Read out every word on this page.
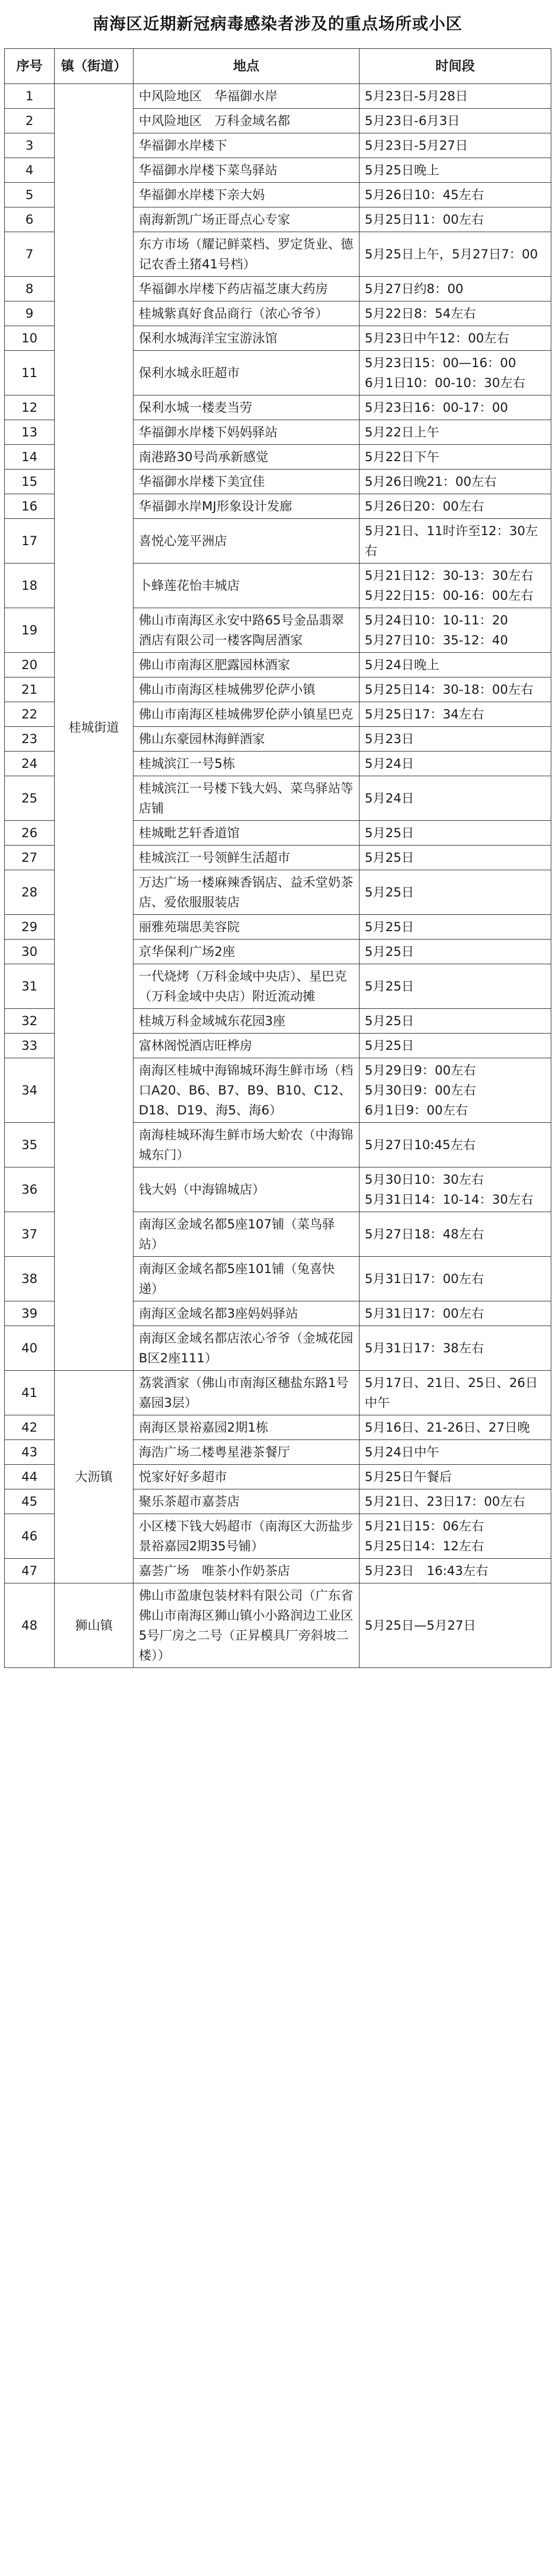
南海区近期新冠病毒感染者涉及的重点场所或小区
序号	镇（街道）	地点	时间段
1	桂城街道	中风险地区　华福御水岸	5月23日-5月28日
2		中风险地区　万科金域名都	5月23日-6月3日
3		华福御水岸楼下	5月23日-5月27日
4		华福御水岸楼下菜鸟驿站	5月25日晚上
5		华福御水岸楼下亲大妈	5月26日10：45左右
6		南海新凯广场正哥点心专家	5月25日11：00左右
7		东方市场（耀记鲜菜档、罗定货业、德记农香土猪41号档）	5月25日上午，5月27日7：00
8		华福御水岸楼下药店福芝康大药房	5月27日约8：00
9		桂城紫真好食品商行（浓心爷爷）	5月22日8：54左右
10		保利水城海洋宝宝游泳馆	5月23日中午12：00左右
11		保利水城永旺超市	5月23日15：00—16：00
6月1日10：00-10：30左右
12		保利水城一楼麦当劳	5月23日16：00-17：00
13		华福御水岸楼下妈妈驿站	5月22日上午
14		南港路30号尚承新感觉	5月22日下午
15		华福御水岸楼下美宜佳	5月26日晚21：00左右
16		华福御水岸MJ形象设计发廊	5月26日20：00左右
17		喜悦心笼平洲店	5月21日、11时许至12：30左右
18		卜蜂莲花怡丰城店	5月21日12：30-13：30左右
5月22日15：00-16：00左右
19		佛山市南海区永安中路65号金品翡翠酒店有限公司一楼客陶居酒家	5月24日10：10-11：20
5月27日10：35-12：40
20		佛山市南海区肥露园林酒家	5月24日晚上
21		佛山市南海区桂城佛罗伦萨小镇	5月25日14：30-18：00左右
22		佛山市南海区桂城佛罗伦萨小镇星巴克	5月25日17：34左右
23		佛山东豪园林海鲜酒家	5月23日
24		桂城滨江一号5栋	5月24日
25		桂城滨江一号楼下钱大妈、菜鸟驿站等店铺	5月24日
26		桂城毗艺轩香道馆	5月25日
27		桂城滨江一号领鲜生活超市	5月25日
28		万达广场一楼麻辣香锅店、益禾堂奶茶店、爱依服服装店	5月25日
29		丽雅苑瑞思美容院	5月25日
30		京华保利广场2座	5月25日
31		一代烧烤（万科金域中央店）、星巴克（万科金域中央店）附近流动摊	5月25日
32		桂城万科金域城东花园3座	5月25日
33		富林阁悦酒店旺桦房	5月25日
34		南海区桂城中海锦城环海生鲜市场（档口A20、B6、B7、B9、B10、C12、D18、D19、海5、海6）	5月29日9：00左右
5月30日9：00左右
6月1日9：00左右
35		南海桂城环海生鲜市场大蚧农（中海锦城东门）	5月27日10:45左右
36		钱大妈（中海锦城店）	5月30日10：30左右
5月31日14：10-14：30左右
37		南海区金域名都5座107铺（菜鸟驿站）	5月27日18：48左右
38		南海区金域名都5座101铺（兔喜快递）	5月31日17：00左右
39		南海区金域名都3座妈妈驿站	5月31日17：00左右
40		南海区金域名都店浓心爷爷（金城花园B区2座111）	5月31日17：38左右
41	大沥镇	荔裳酒家（佛山市南海区穗盐东路1号嘉园3层）	5月17日、21日、25日、26日中午
42		南海区景裕嘉园2期1栋	5月16日、21-26日、27日晚
43		海浩广场二楼粤星港茶餐厅	5月24日中午
44		悦家好好多超市	5月25日午餐后
45		聚乐茶超市嘉荟店	5月21日、23日17：00左右
46		小区楼下钱大妈超市（南海区大沥盐步景裕嘉园2期35号铺）	5月21日15：06左右
5月25日14：12左右
47		嘉荟广场　唯茶小作奶茶店	5月23日　16:43左右
48	狮山镇	佛山市盈康包装材料有限公司（广东省佛山市南海区狮山镇小小路润边工业区5号厂房之二号（正昇模具厂旁斜坡二楼））	5月25日—5月27日
